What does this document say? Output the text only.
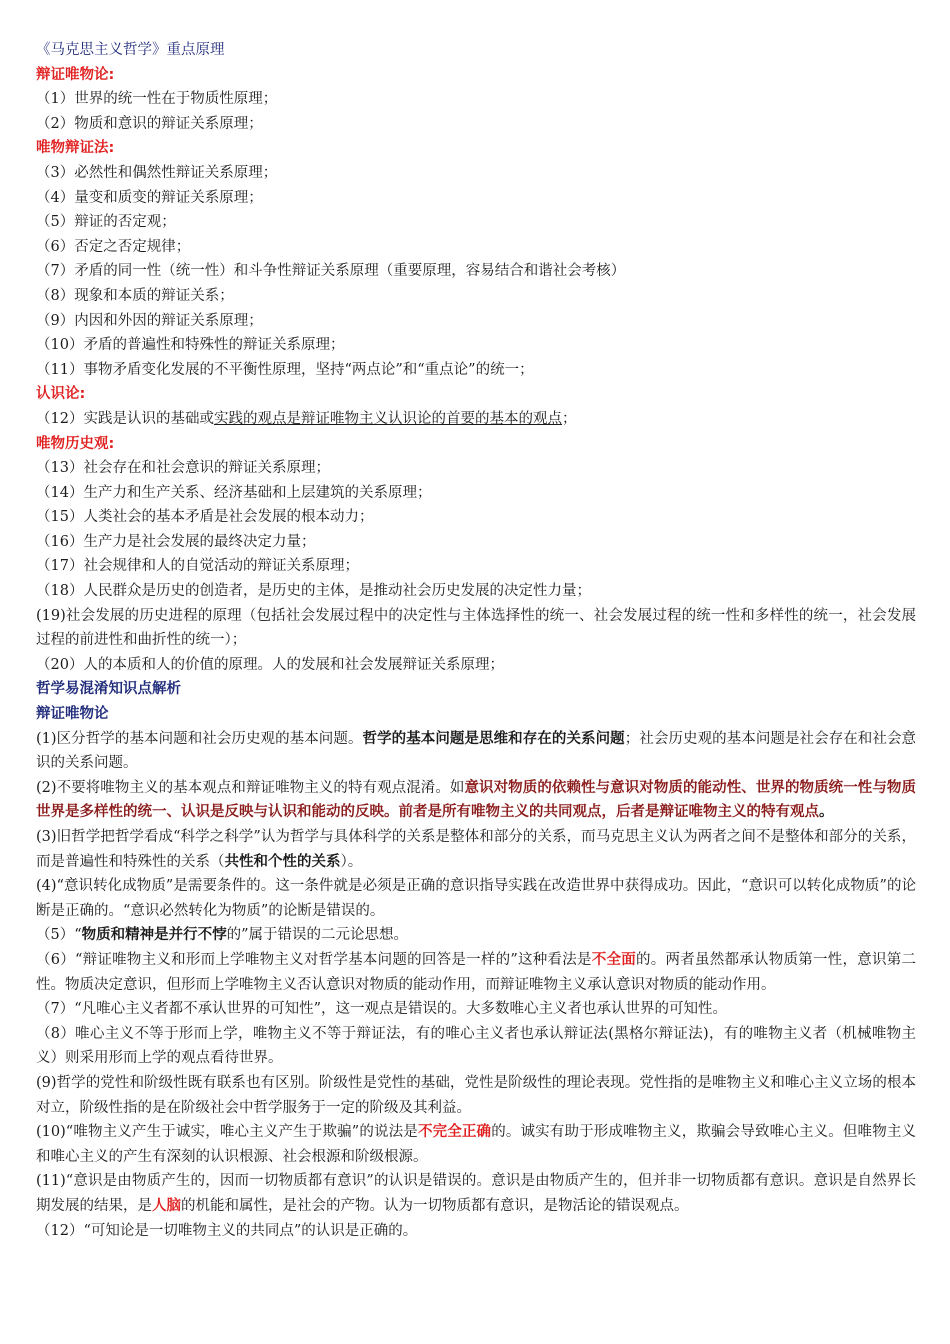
《马克思主义哲学》重点原理
辩证唯物论:
（1）世界的统一性在于物质性原理；
（2）物质和意识的辩证关系原理；
唯物辩证法:
（3）必然性和偶然性辩证关系原理；
（4）量变和质变的辩证关系原理；
（5）辩证的否定观；
（6）否定之否定规律；
（7）矛盾的同一性（统一性）和斗争性辩证关系原理（重要原理，容易结合和谐社会考核）
（8）现象和本质的辩证关系；
（9）内因和外因的辩证关系原理；
（10）矛盾的普遍性和特殊性的辩证关系原理；
（11）事物矛盾变化发展的不平衡性原理，坚持“两点论”和“重点论”的统一；
认识论:
（12）实践是认识的基础或实践的观点是辩证唯物主义认识论的首要的基本的观点；
唯物历史观:
（13）社会存在和社会意识的辩证关系原理；
（14）生产力和生产关系、经济基础和上层建筑的关系原理；
（15）人类社会的基本矛盾是社会发展的根本动力；
（16）生产力是社会发展的最终决定力量；
（17）社会规律和人的自觉活动的辩证关系原理；
（18）人民群众是历史的创造者，是历史的主体，是推动社会历史发展的决定性力量；
(19)社会发展的历史进程的原理（包括社会发展过程中的决定性与主体选择性的统一、社会发展过程的统一性和多样性的统一，社会发展过程的前进性和曲折性的统一）；
（20）人的本质和人的价值的原理。人的发展和社会发展辩证关系原理；
哲学易混淆知识点解析
辩证唯物论
(1)区分哲学的基本问题和社会历史观的基本问题。哲学的基本问题是思维和存在的关系问题；社会历史观的基本问题是社会存在和社会意识的关系问题。
(2)不要将唯物主义的基本观点和辩证唯物主义的特有观点混淆。如意识对物质的依赖性与意识对物质的能动性、世界的物质统一性与物质世界是多样性的统一、认识是反映与认识和能动的反映。前者是所有唯物主义的共同观点，后者是辩证唯物主义的特有观点。
(3)旧哲学把哲学看成“科学之科学”认为哲学与具体科学的关系是整体和部分的关系，而马克思主义认为两者之间不是整体和部分的关系，而是普遍性和特殊性的关系（共性和个性的关系）。
(4)“意识转化成物质”是需要条件的。这一条件就是必须是正确的意识指导实践在改造世界中获得成功。因此，“意识可以转化成物质”的论断是正确的。“意识必然转化为物质”的论断是错误的。
（5）“物质和精神是并行不悖的”属于错误的二元论思想。
（6）“辩证唯物主义和形而上学唯物主义对哲学基本问题的回答是一样的”这种看法是不全面的。两者虽然都承认物质第一性，意识第二性。物质决定意识，但形而上学唯物主义否认意识对物质的能动作用，而辩证唯物主义承认意识对物质的能动作用。
（7）“凡唯心主义者都不承认世界的可知性”，这一观点是错误的。大多数唯心主义者也承认世界的可知性。
（8）唯心主义不等于形而上学，唯物主义不等于辩证法，有的唯心主义者也承认辩证法(黑格尔辩证法)，有的唯物主义者（机械唯物主义）则采用形而上学的观点看待世界。
(9)哲学的党性和阶级性既有联系也有区别。阶级性是党性的基础，党性是阶级性的理论表现。党性指的是唯物主义和唯心主义立场的根本对立，阶级性指的是在阶级社会中哲学服务于一定的阶级及其利益。
(10)“唯物主义产生于诚实，唯心主义产生于欺骗”的说法是不完全正确的。诚实有助于形成唯物主义，欺骗会导致唯心主义。但唯物主义和唯心主义的产生有深刻的认识根源、社会根源和阶级根源。
(11)“意识是由物质产生的，因而一切物质都有意识”的认识是错误的。意识是由物质产生的，但并非一切物质都有意识。意识是自然界长期发展的结果，是人脑的机能和属性，是社会的产物。认为一切物质都有意识，是物活论的错误观点。
（12）“可知论是一切唯物主义的共同点”的认识是正确的。
